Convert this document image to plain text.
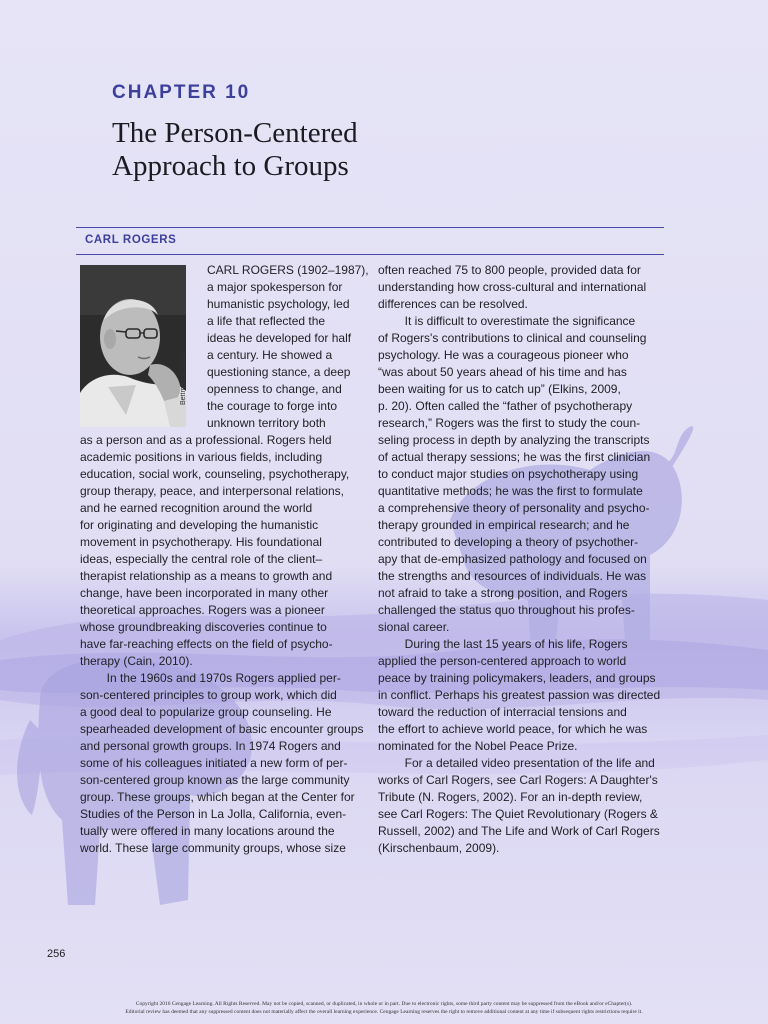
CHAPTER 10
The Person-Centered
Approach to Groups
CARL ROGERS
Bettmann/Corbis
CARL ROGERS (1902–1987),
a major spokesperson for
humanistic psychology, led
a life that reflected the
ideas he developed for half
a century. He showed a
questioning stance, a deep
openness to change, and
the courage to forge into
unknown territory both
as a person and as a professional. Rogers held
academic positions in various fields, including
education, social work, counseling, psychotherapy,
group therapy, peace, and interpersonal relations,
and he earned recognition around the world
for originating and developing the humanistic
movement in psychotherapy. His foundational
ideas, especially the central role of the client–
therapist relationship as a means to growth and
change, have been incorporated in many other
theoretical approaches. Rogers was a pioneer
whose groundbreaking discoveries continue to
have far-reaching effects on the field of psycho-
therapy (Cain, 2010).
In the 1960s and 1970s Rogers applied per-
son-centered principles to group work, which did
a good deal to popularize group counseling. He
spearheaded development of basic encounter groups
and personal growth groups. In 1974 Rogers and
some of his colleagues initiated a new form of per-
son-centered group known as the large community
group. These groups, which began at the Center for
Studies of the Person in La Jolla, California, even-
tually were offered in many locations around the
world. These large community groups, whose size
often reached 75 to 800 people, provided data for
understanding how cross-cultural and international
differences can be resolved.
It is difficult to overestimate the significance
of Rogers's contributions to clinical and counseling
psychology. He was a courageous pioneer who
“was about 50 years ahead of his time and has
been waiting for us to catch up” (Elkins, 2009,
p. 20). Often called the “father of psychotherapy
research,” Rogers was the first to study the coun-
seling process in depth by analyzing the transcripts
of actual therapy sessions; he was the first clinician
to conduct major studies on psychotherapy using
quantitative methods; he was the first to formulate
a comprehensive theory of personality and psycho-
therapy grounded in empirical research; and he
contributed to developing a theory of psychother-
apy that de-emphasized pathology and focused on
the strengths and resources of individuals. He was
not afraid to take a strong position, and Rogers
challenged the status quo throughout his profes-
sional career.
During the last 15 years of his life, Rogers
applied the person-centered approach to world
peace by training policymakers, leaders, and groups
in conflict. Perhaps his greatest passion was directed
toward the reduction of interracial tensions and
the effort to achieve world peace, for which he was
nominated for the Nobel Peace Prize.
For a detailed video presentation of the life and
works of Carl Rogers, see Carl Rogers: A Daughter's
Tribute (N. Rogers, 2002). For an in-depth review,
see Carl Rogers: The Quiet Revolutionary (Rogers &
Russell, 2002) and The Life and Work of Carl Rogers
(Kirschenbaum, 2009).
256
Copyright 2016 Cengage Learning. All Rights Reserved. May not be copied, scanned, or duplicated, in whole or in part. Due to electronic rights, some third party content may be suppressed from the eBook and/or eChapter(s).
Editorial review has deemed that any suppressed content does not materially affect the overall learning experience. Cengage Learning reserves the right to remove additional content at any time if subsequent rights restrictions require it.
